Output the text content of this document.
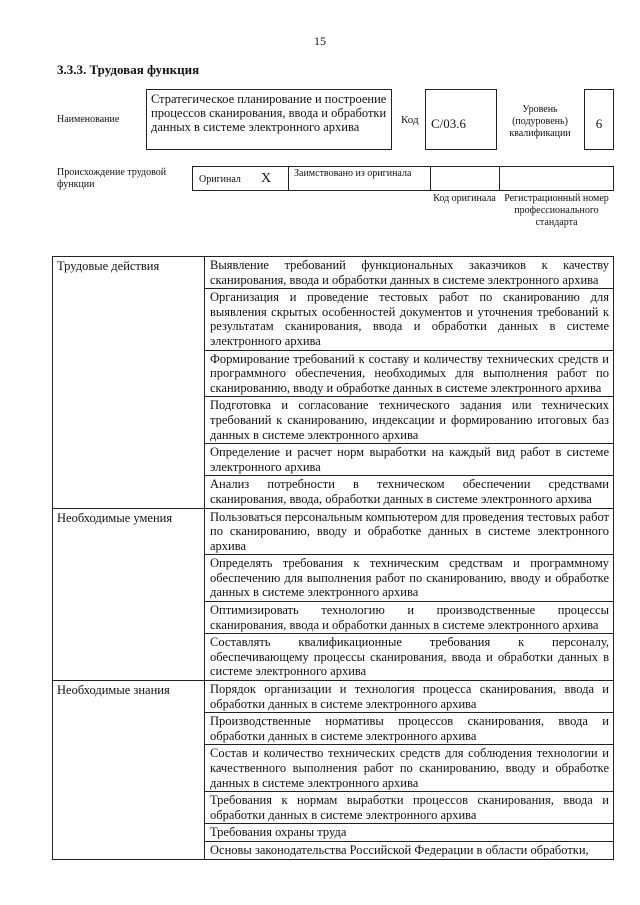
15
3.3.3. Трудовая функция
Наименование
Стратегическое планирование и построение процессов сканирования, ввода и обработки данных в системе электронного архива	Код C/03.6
Уровень (подуровень) квалификации
6
Происхождение трудовой функции	Оригинал X Заимствовано из оригинала
Код оригинала Регистрационный номер профессионального стандарта
Трудовые действия	Выявление требований функциональных заказчиков к качеству сканирования, ввода и обработки данных в системе электронного архива

	Организация и проведение тестовых работ по сканированию для выявления скрытых особенностей документов и уточнения требований к результатам сканирования, ввода и обработки данных в системе электронного архива

	Формирование требований к составу и количеству технических средств и программного обеспечения, необходимых для выполнения работ по сканированию, вводу и обработке данных в системе электронного архива

	Подготовка и согласование технического задания или технических требований к сканированию, индексации и формированию итоговых баз данных в системе электронного архива

	Определение и расчет норм выработки на каждый вид работ в системе электронного архива

	Анализ потребности в техническом обеспечении средствами сканирования, ввода, обработки данных в системе электронного архива

Необходимые умения	Пользоваться персональным компьютером для проведения тестовых работ по сканированию, вводу и обработке данных в системе электронного архива

	Определять требования к техническим средствам и программному обеспечению для выполнения работ по сканированию, вводу и обработке данных в системе электронного архива

	Оптимизировать технологию и производственные процессы сканирования, ввода и обработки данных в системе электронного архива

	Составлять квалификационные требования к персоналу, обеспечивающему процессы сканирования, ввода и обработки данных в системе электронного архива

Необходимые знания	Порядок организации и технология процесса сканирования, ввода и обработки данных в системе электронного архива

	Производственные нормативы процессов сканирования, ввода и обработки данных в системе электронного архива

	Состав и количество технических средств для соблюдения технологии и качественного выполнения работ по сканированию, вводу и обработке данных в системе электронного архива

	Требования к нормам выработки процессов сканирования, ввода и обработки данных в системе электронного архива

	Требования охраны труда

	Основы законодательства Российской Федерации в области обработки,
